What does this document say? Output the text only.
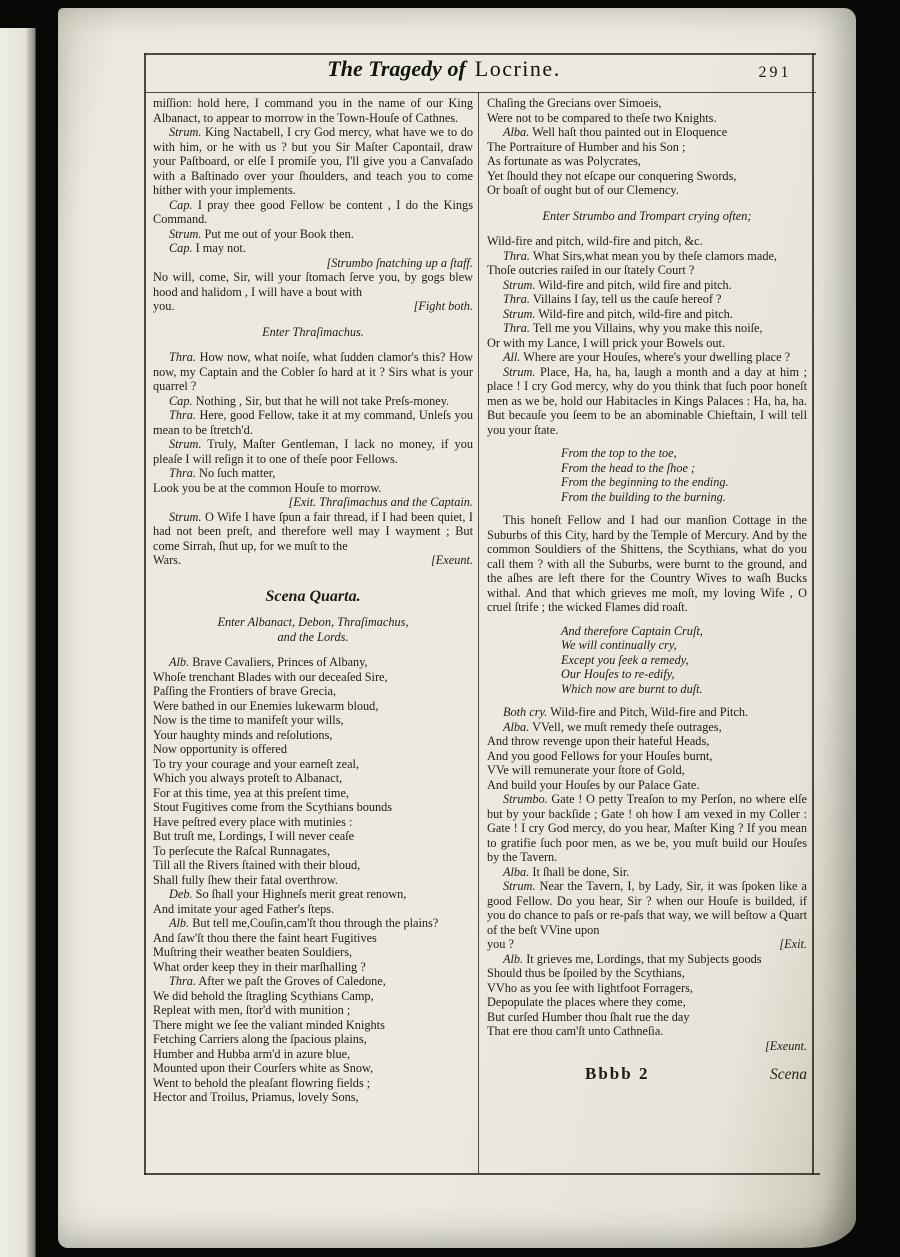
The Tragedy of Locrine.	291
miſſion: hold here, I command you in the name of our King Albanact, to appear to morrow in the Town-Houſe of Cathnes.
Strum. King Nactabell, I cry God mercy, what have we to do with him, or he with us ? but you Sir Maſter Capontail, draw your Paſtboard, or elſe I promiſe you, I'll give you a Canvaſado with a Baſtinado over your ſhoulders, and teach you to come hither with your implements.
Cap. I pray thee good Fellow be content , I do the Kings Command.
Strum. Put me out of your Book then.
Cap. I may not.
[Strumbo ſnatching up a ſtaff.
No will, come, Sir, will your ſtomach ſerve you, by gogs blew hood and halidom , I will have a bout with
you.	[Fight both.
Enter Thraſimachus.
Thra. How now, what noiſe, what ſudden clamor's this? How now, my Captain and the Cobler ſo hard at it ? Sirs what is your quarrel ?
Cap. Nothing , Sir, but that he will not take Preſs-money.
Thra. Here, good Fellow, take it at my command, Unleſs you mean to be ſtretch'd.
Strum. Truly, Maſter Gentleman, I lack no money, if you pleaſe I will reſign it to one of theſe poor Fellows.
Thra. No ſuch matter,
Look you be at the common Houſe to morrow.
[Exit. Thraſimachus and the Captain.
Strum. O Wife I have ſpun a fair thread, if I had been quiet, I had not been preſt, and therefore well may I wayment ; But come Sirrah, ſhut up, for we muſt to the
Wars.	[Exeunt.
Scena Quarta.
Enter Albanact, Debon, Thraſimachus,
and the Lords.
Alb. Brave Cavaliers, Princes of Albany,
Whoſe trenchant Blades with our deceaſed Sire,
Paſſing the Frontiers of brave Grecia,
Were bathed in our Enemies lukewarm bloud,
Now is the time to manifeſt your wills,
Your haughty minds and reſolutions,
Now opportunity is offered
To try your courage and your earneſt zeal,
Which you always proteſt to Albanact,
For at this time, yea at this preſent time,
Stout Fugitives come from the Scythians bounds
Have peſtred every place with mutinies :
But truſt me, Lordings, I will never ceaſe
To perſecute the Raſcal Runnagates,
Till all the Rivers ſtained with their bloud,
Shall fully ſhew their fatal overthrow.
Deb. So ſhall your Highneſs merit great renown,
And imitate your aged Father's ſteps.
Alb. But tell me,Couſin,cam'ſt thou through the plains?
And ſaw'ſt thou there the faint heart Fugitives
Muſtring their weather beaten Souldiers,
What order keep they in their marſhalling ?
Thra. After we paſt the Groves of Caledone,
We did behold the ſtragling Scythians Camp,
Repleat with men, ſtor'd with munition ;
There might we ſee the valiant minded Knights
Fetching Carriers along the ſpacious plains,
Humber and Hubba arm'd in azure blue,
Mounted upon their Courſers white as Snow,
Went to behold the pleaſant flowring fields ;
Hector and Troilus, Priamus, lovely Sons,
Chaſing the Grecians over Simoeis,
Were not to be compared to theſe two Knights.
Alba. Well haſt thou painted out in Eloquence
The Portraiture of Humber and his Son ;
As fortunate as was Polycrates,
Yet ſhould they not eſcape our conquering Swords,
Or boaſt of ought but of our Clemency.
Enter Strumbo and Trompart crying often;
Wild-fire and pitch, wild-fire and pitch, &c.
Thra. What Sirs,what mean you by theſe clamors made,
Thoſe outcries raiſed in our ſtately Court ?
Strum. Wild-fire and pitch, wild fire and pitch.
Thra. Villains I ſay, tell us the cauſe hereof ?
Strum. Wild-fire and pitch, wild-fire and pitch.
Thra. Tell me you Villains, why you make this noiſe,
Or with my Lance, I will prick your Bowels out.
All. Where are your Houſes, where's your dwelling place ?
Strum. Place, Ha, ha, ha, laugh a month and a day at him ; place ! I cry God mercy, why do you think that ſuch poor honeſt men as we be, hold our Habitacles in Kings Palaces : Ha, ha, ha. But becauſe you ſeem to be an abominable Chieftain, I will tell you your ſtate.
From the top to the toe,
From the head to the ſhoe ;
From the beginning to the ending.
From the building to the burning.
This honeſt Fellow and I had our manſion Cottage in the Suburbs of this City, hard by the Temple of Mercury. And by the common Souldiers of the Shittens, the Scythians, what do you call them ? with all the Suburbs, were burnt to the ground, and the aſhes are left there for the Country Wives to waſh Bucks withal. And that which grieves me moſt, my loving Wife , O cruel ſtrife ; the wicked Flames did roaſt.
And therefore Captain Cruſt,
We will continually cry,
Except you ſeek a remedy,
Our Houſes to re-edify,
Which now are burnt to duſt.
Both cry. Wild-fire and Pitch, Wild-fire and Pitch.
Alba. VVell, we muſt remedy theſe outrages,
And throw revenge upon their hateful Heads,
And you good Fellows for your Houſes burnt,
VVe will remunerate your ſtore of Gold,
And build your Houſes by our Palace Gate.
Strumbo. Gate ! O petty Treaſon to my Perſon, no where elſe but by your backſide ; Gate ! oh how I am vexed in my Coller : Gate ! I cry God mercy, do you hear, Maſter King ? If you mean to gratifie ſuch poor men, as we be, you muſt build our Houſes by the Tavern.
Alba. It ſhall be done, Sir.
Strum. Near the Tavern, I, by Lady, Sir, it was ſpoken like a good Fellow. Do you hear, Sir ? when our Houſe is builded, if you do chance to paſs or re-paſs that way, we will beſtow a Quart of the beſt VVine upon
you ?	[Exit.
Alb. It grieves me, Lordings, that my Subjects goods
Should thus be ſpoiled by the Scythians,
VVho as you ſee with lightfoot Forragers,
Depopulate the places where they come,
But curſed Humber thou ſhalt rue the day
That ere thou cam'ſt unto Cathneſia.
[Exeunt.
Bbbb 2	Scena
